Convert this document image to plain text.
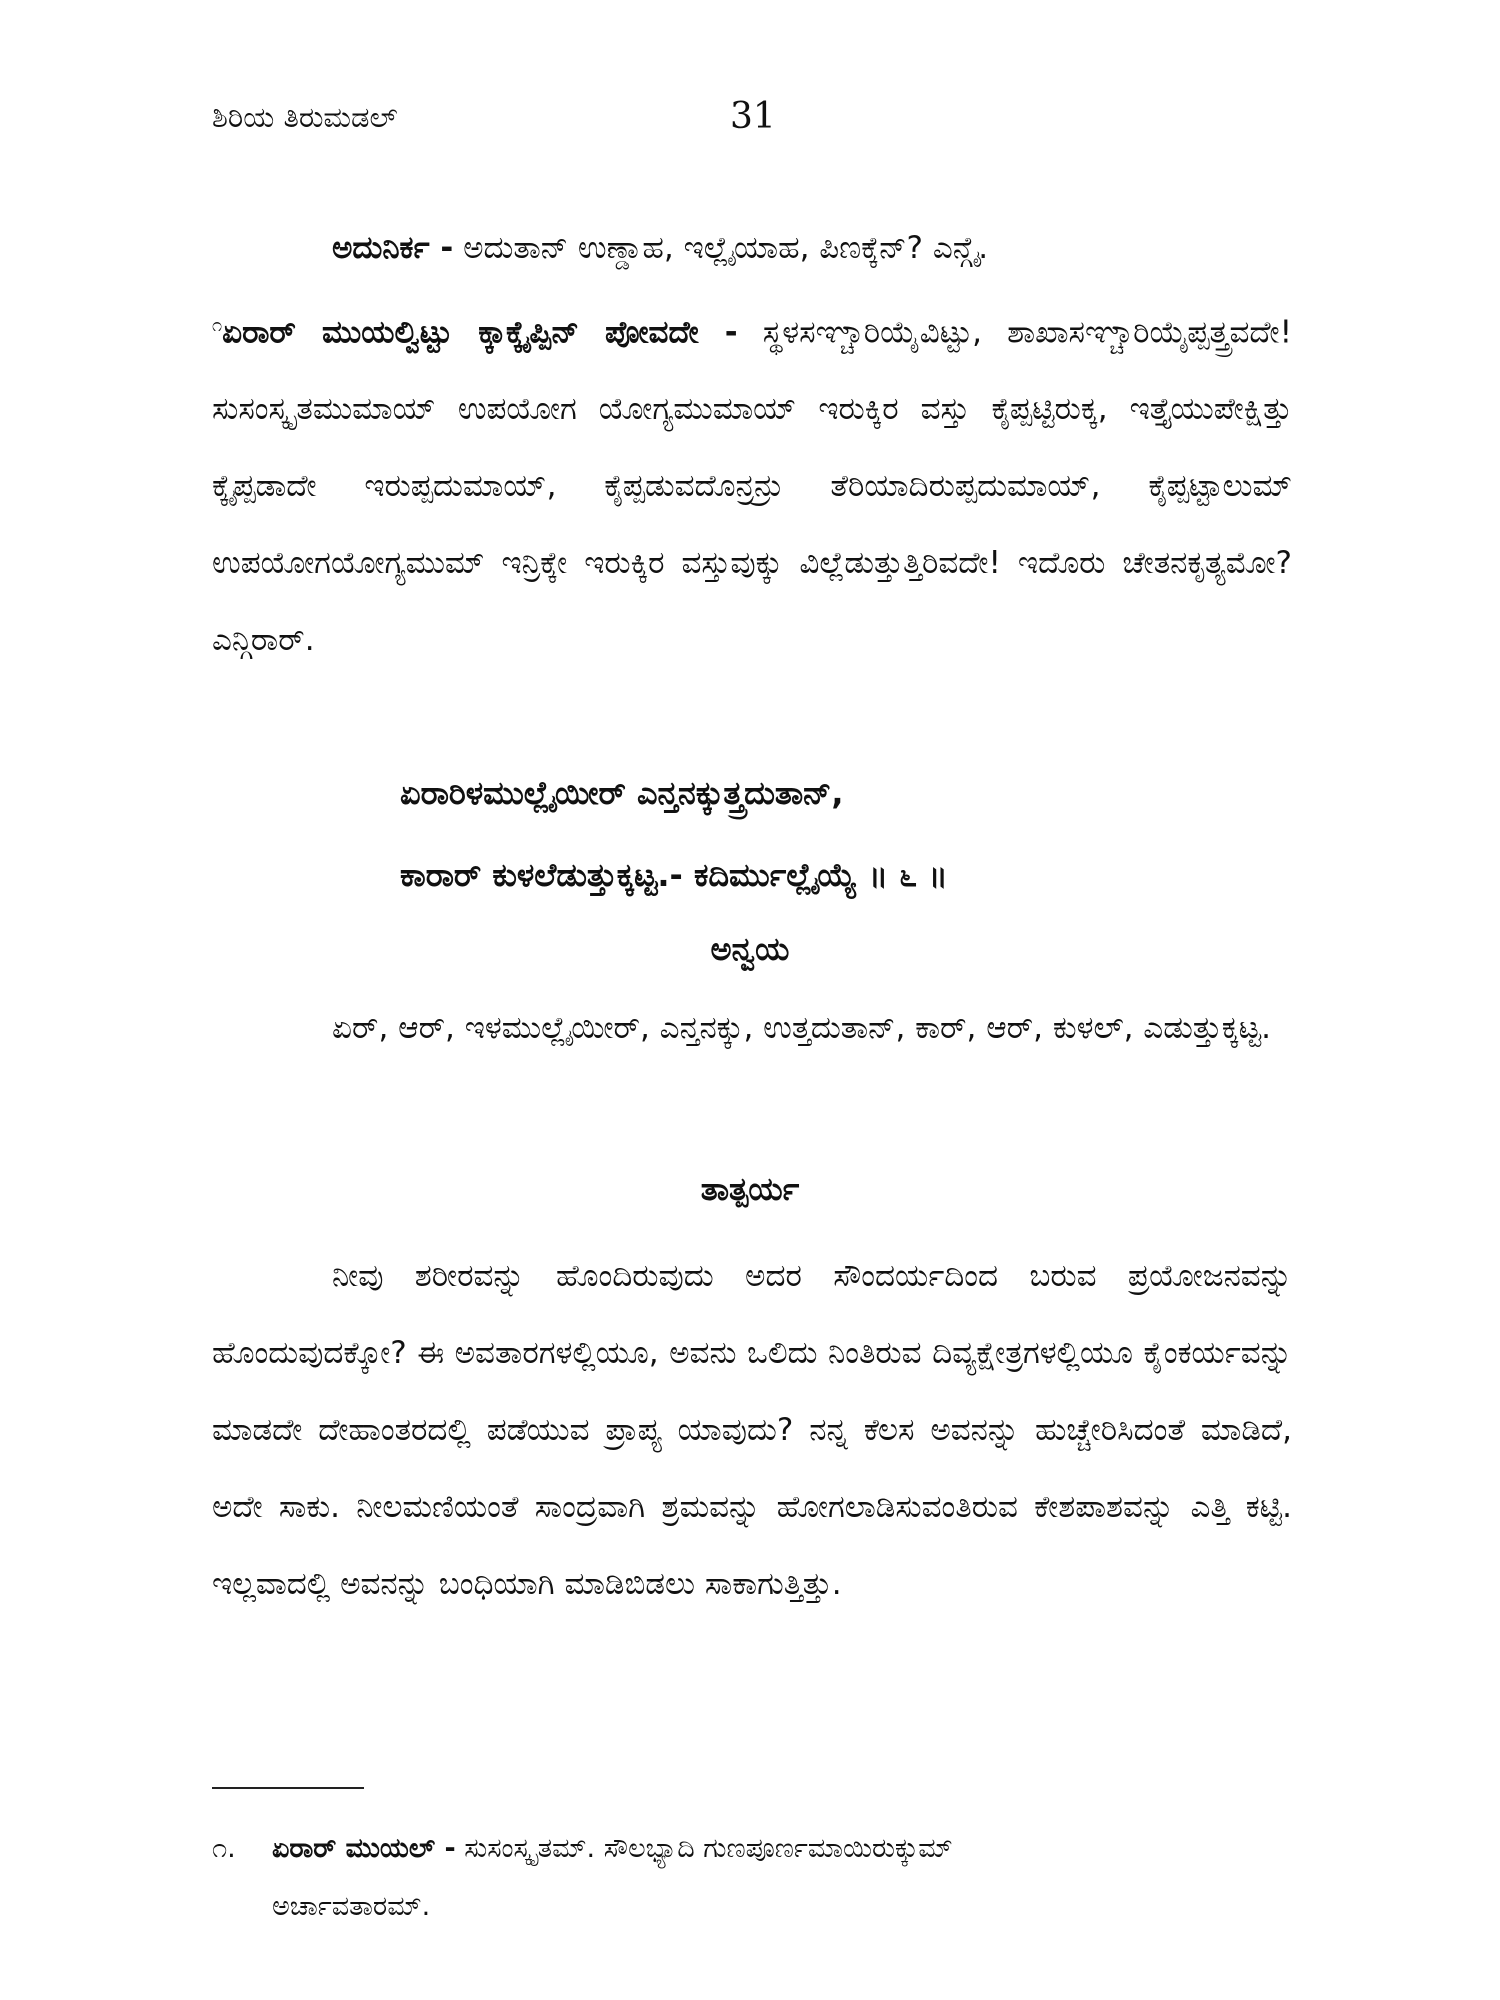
ಶಿರಿಯ ತಿರುಮಡಲ್	31
ಅದುನಿರ್ಕ - ಅದುತಾನ್ ಉಣ್ಡಾಹ, ಇಲ್ಲೈಯಾಹ, ಪಿಣಕ್ಕೆನ್? ಎನ್ಗೈ.
$^೧$ಏರಾರ್ ಮುಯಲ್ವಿಟ್ಟು ಕ್ಕಾಕ್ಕೈಪ್ಪಿನ್ ಪೋವದೇ - ಸ್ಥಳಸಞ್ಚಾರಿಯೈವಿಟ್ಟು, ಶಾಖಾಸಞ್ಚಾರಿಯೈಪ್ಪತ್ತ್ರವದೇ! ಸುಸಂಸ್ಕೃತಮುಮಾಯ್ ಉಪಯೋಗ ಯೋಗ್ಯಮುಮಾಯ್ ಇರುಕ್ಕಿರ ವಸ್ತು ಕೈಪ್ಪಟ್ಟಿರುಕ್ಕ, ಇತ್ತೈಯುಪೇಕ್ಷಿತ್ತು ಕ್ಕೈಪ್ಪಡಾದೇ ಇರುಪ್ಪದುಮಾಯ್, ಕೈಪ್ಪಡುವದೊನ್ರನ್ರು ತೆರಿಯಾದಿರುಪ್ಪದುಮಾಯ್, ಕೈಪ್ಪಟ್ಟಾಲುಮ್ ಉಪಯೋಗಯೋಗ್ಯಮುಮ್ ಇನ್ರಿಕ್ಕೇ ಇರುಕ್ಕಿರ ವಸ್ತುವುಕ್ಕು ವಿಲ್ಲೆಡುತ್ತುತ್ತಿರಿವದೇ! ಇದೊರು ಚೇತನಕೃತ್ಯಮೋ? ಎನ್ಗಿರಾರ್.
ಏರಾರಿಳಮುಲ್ಲೈಯೀರ್ ಎನ್ತನಕ್ಕುತ್ತ್ರದುತಾನ್,
ಕಾರಾರ್ ಕುಳಲೆಡುತ್ತುಕ್ಕಟ್ಟ.- ಕದಿರ್ಮುಲ್ಲೈಯ್ಯೆ ॥ ೬ ॥
ಅನ್ವಯ
ಏರ್, ಆರ್, ಇಳಮುಲ್ಲೈಯೀರ್, ಎನ್ತನಕ್ಕು, ಉತ್ತದುತಾನ್, ಕಾರ್, ಆರ್, ಕುಳಲ್, ಎಡುತ್ತುಕ್ಕಟ್ಟ.
ತಾತ್ಪರ್ಯ
ನೀವು ಶರೀರವನ್ನು ಹೊಂದಿರುವುದು ಅದರ ಸೌಂದರ್ಯದಿಂದ ಬರುವ ಪ್ರಯೋಜನವನ್ನು ಹೊಂದುವುದಕ್ಕೋ? ಈ ಅವತಾರಗಳಲ್ಲಿಯೂ, ಅವನು ಒಲಿದು ನಿಂತಿರುವ ದಿವ್ಯಕ್ಷೇತ್ರಗಳಲ್ಲಿಯೂ ಕೈಂಕರ್ಯವನ್ನು ಮಾಡದೇ ದೇಹಾಂತರದಲ್ಲಿ ಪಡೆಯುವ ಪ್ರಾಪ್ಯ ಯಾವುದು? ನನ್ನ ಕೆಲಸ ಅವನನ್ನು ಹುಚ್ಚೇರಿಸಿದಂತೆ ಮಾಡಿದೆ, ಅದೇ ಸಾಕು. ನೀಲಮಣಿಯಂತೆ ಸಾಂದ್ರವಾಗಿ ಶ್ರಮವನ್ನು ಹೋಗಲಾಡಿಸುವಂತಿರುವ ಕೇಶಪಾಶವನ್ನು ಎತ್ತಿ ಕಟ್ಟಿ. ಇಲ್ಲವಾದಲ್ಲಿ ಅವನನ್ನು ಬಂಧಿಯಾಗಿ ಮಾಡಿಬಿಡಲು ಸಾಕಾಗುತ್ತಿತ್ತು.
೧. ಏರಾರ್ ಮುಯಲ್ - ಸುಸಂಸ್ಕೃತಮ್. ಸೌಲಭ್ಯಾದಿ ಗುಣಪೂರ್ಣಮಾಯಿರುಕ್ಕುಮ್
ಅರ್ಚಾವತಾರಮ್.
